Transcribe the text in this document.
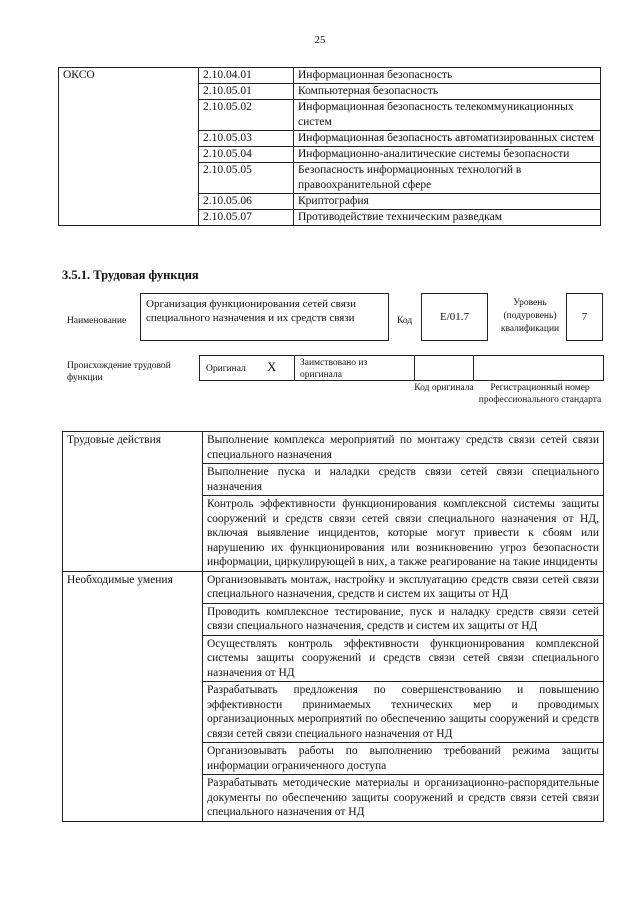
25
ОКСО	2.10.04.01	Информационная безопасность
	2.10.05.01	Компьютерная безопасность
	2.10.05.02	Информационная безопасность телекоммуникационных систем
	2.10.05.03	Информационная безопасность автоматизированных систем
	2.10.05.04	Информационно-аналитические системы безопасности
	2.10.05.05	Безопасность информационных технологий в правоохранительной сфере
	2.10.05.06	Криптография
	2.10.05.07	Противодействие техническим разведкам
3.5.1. Трудовая функция
Наименование
Организация функционирования сетей связи специального назначения и их средств связи	Код	E/01.7
Уровень (подуровень) квалификации
7
Происхождение трудовой функции
Оригинал X Заимствовано из оригинала
Код оригинала	Регистрационный номер профессионального стандарта
Трудовые действия	Выполнение комплекса мероприятий по монтажу средств связи сетей связи специального назначения
	Выполнение пуска и наладки средств связи сетей связи специального назначения
	Контроль эффективности функционирования комплексной системы защиты сооружений и средств связи сетей связи специального назначения от НД, включая выявление инцидентов, которые могут привести к сбоям или нарушению их функционирования или возникновению угроз безопасности информации, циркулирующей в них, а также реагирование на такие инциденты
Необходимые умения	Организовывать монтаж, настройку и эксплуатацию средств связи сетей связи специального назначения, средств и систем их защиты от НД
	Проводить комплексное тестирование, пуск и наладку средств связи сетей связи специального назначения, средств и систем их защиты от НД
	Осуществлять контроль эффективности функционирования комплексной системы защиты сооружений и средств связи сетей связи специального назначения от НД
	Разрабатывать предложения по совершенствованию и повышению эффективности принимаемых технических мер и проводимых организационных мероприятий по обеспечению защиты сооружений и средств связи сетей связи специального назначения от НД
	Организовывать работы по выполнению требований режима защиты информации ограниченного доступа
	Разрабатывать методические материалы и организационно-распорядительные документы по обеспечению защиты сооружений и средств связи сетей связи специального назначения от НД
